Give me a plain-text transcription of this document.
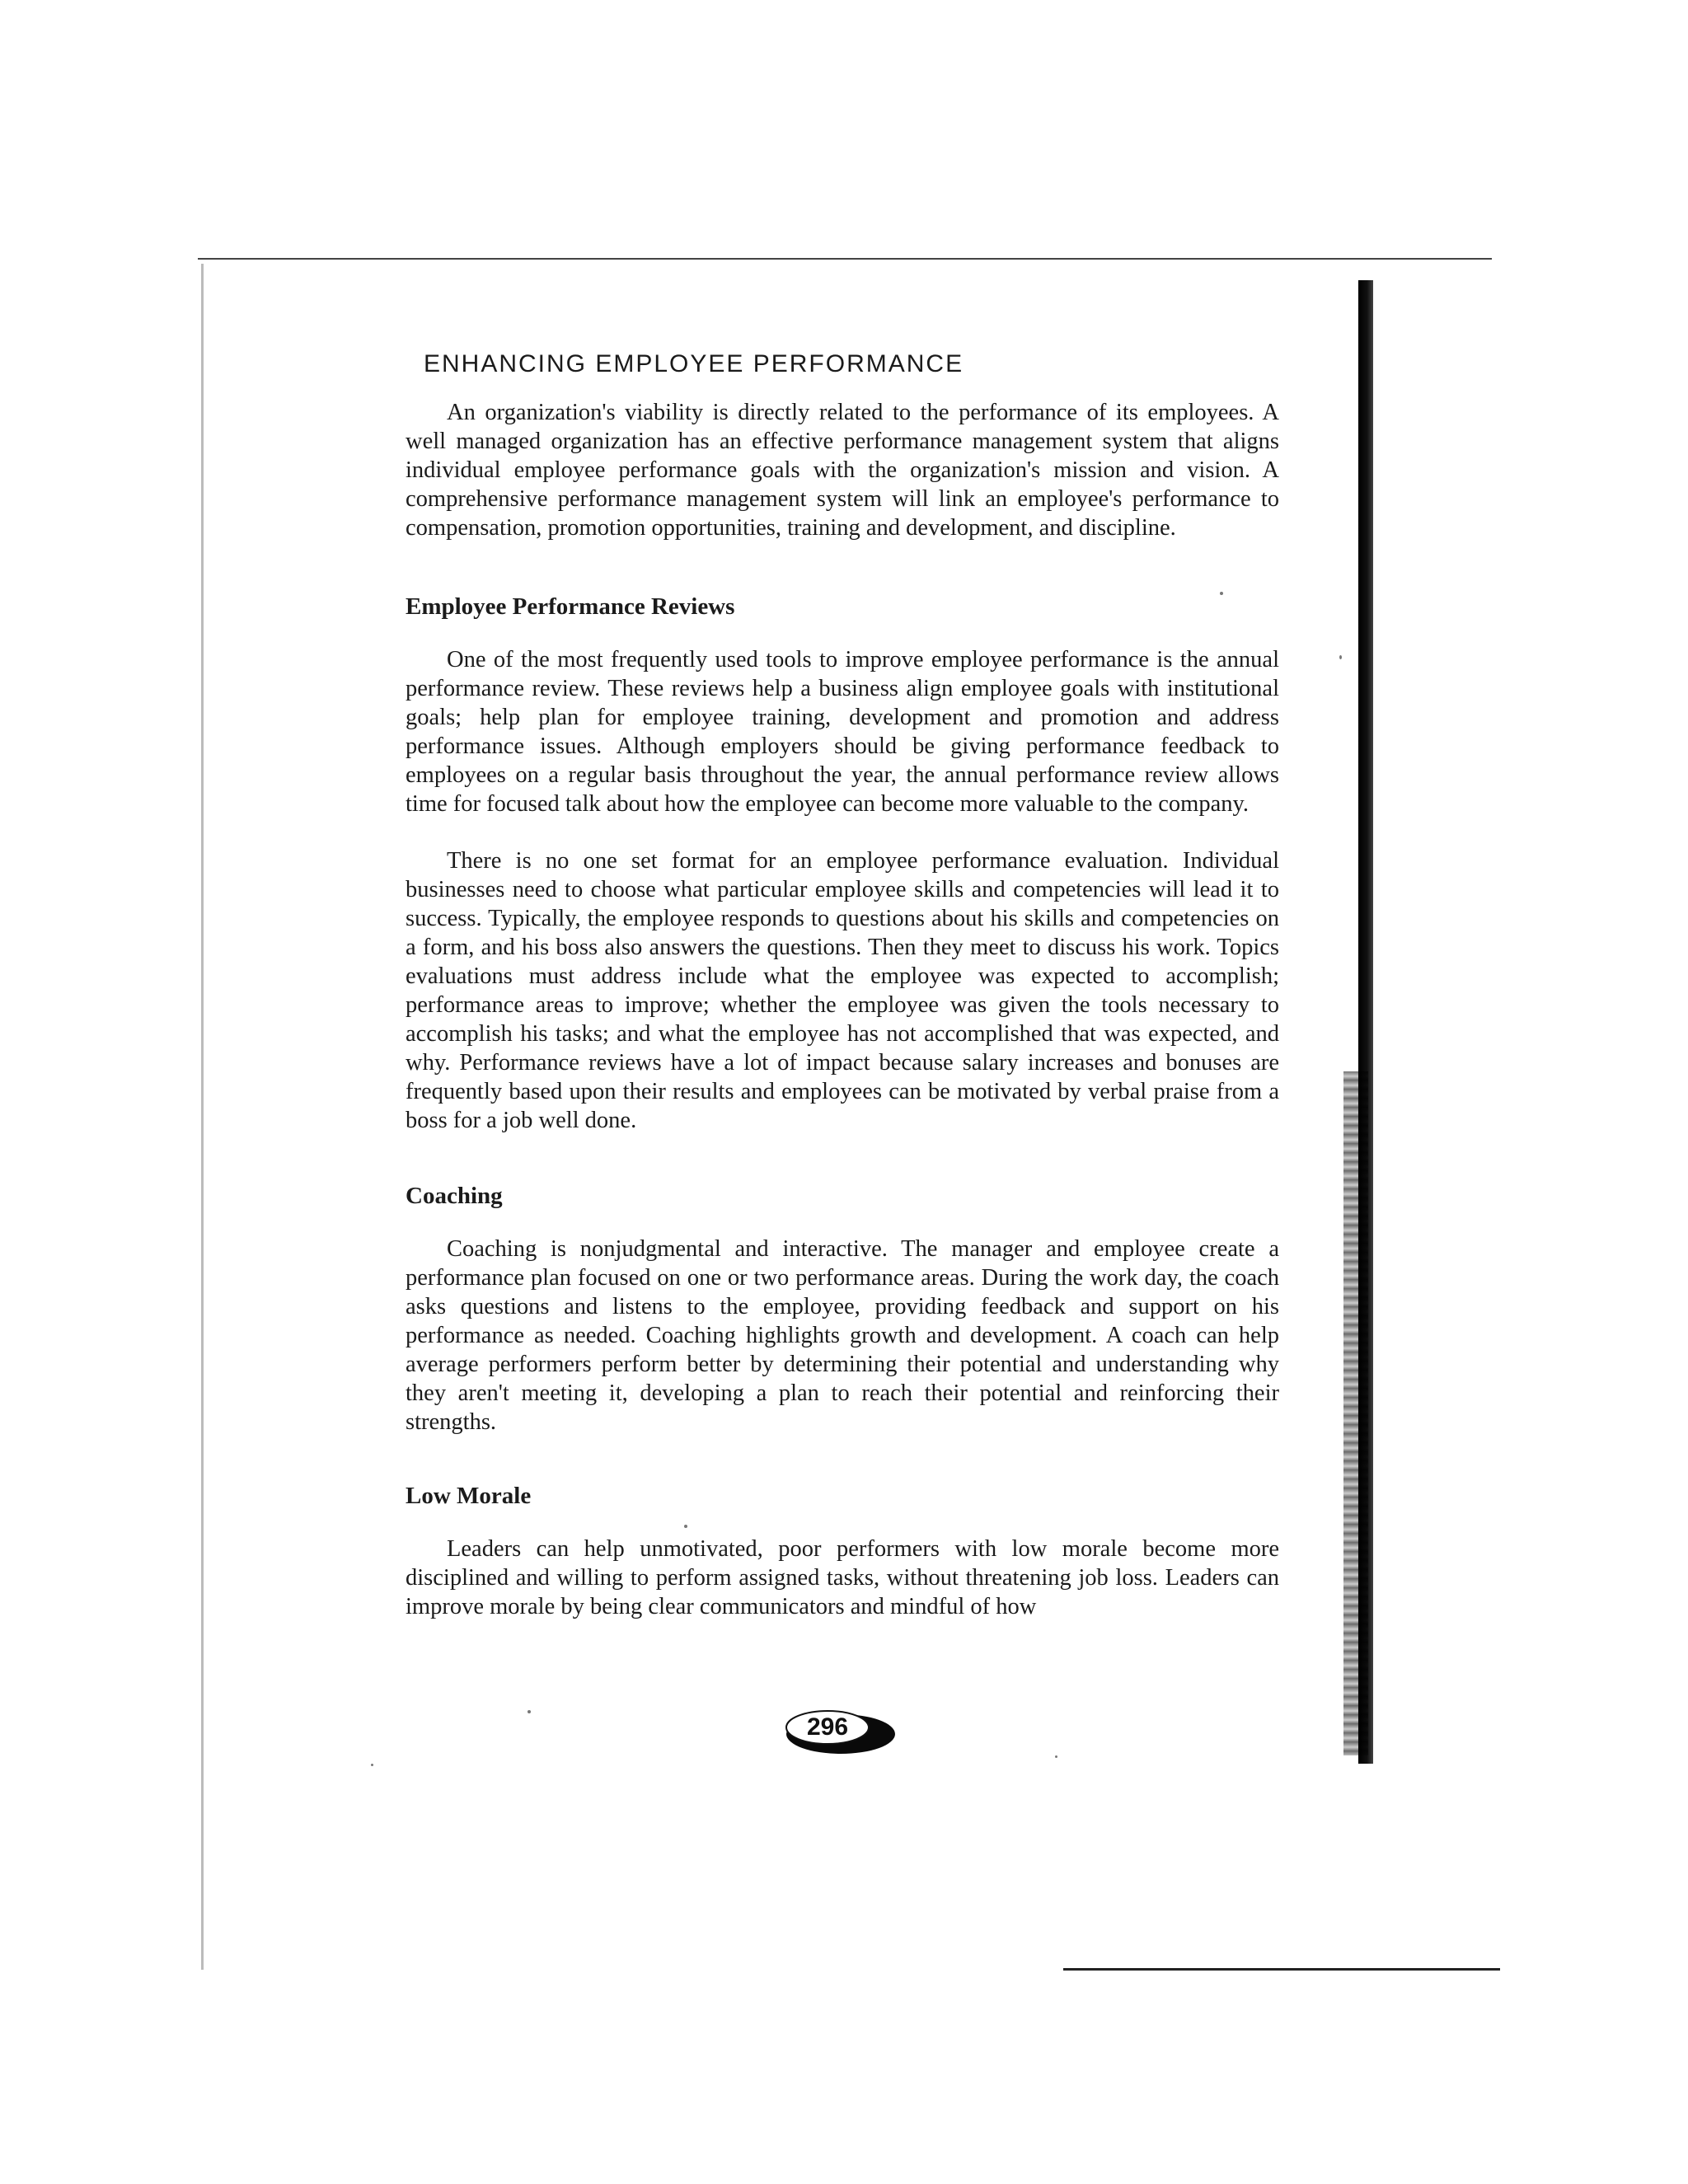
ENHANCING EMPLOYEE PERFORMANCE

An organization's viability is directly related to the performance of its employees. A well managed organization has an effective performance management system that aligns individual employee performance goals with the organization's mission and vision. A comprehensive performance management system will link an employee's performance to compensation, promotion opportunities, training and development, and discipline.

Employee Performance Reviews

One of the most frequently used tools to improve employee performance is the annual performance review. These reviews help a business align employee goals with institutional goals; help plan for employee training, development and promotion and address performance issues. Although employers should be giving performance feedback to employees on a regular basis throughout the year, the annual performance review allows time for focused talk about how the employee can become more valuable to the company.

There is no one set format for an employee performance evaluation. Individual businesses need to choose what particular employee skills and competencies will lead it to success. Typically, the employee responds to questions about his skills and competencies on a form, and his boss also answers the questions. Then they meet to discuss his work. Topics evaluations must address include what the employee was expected to accomplish; performance areas to improve; whether the employee was given the tools necessary to accomplish his tasks; and what the employee has not accomplished that was expected, and why. Performance reviews have a lot of impact because salary increases and bonuses are frequently based upon their results and employees can be motivated by verbal praise from a boss for a job well done.

Coaching

Coaching is nonjudgmental and interactive. The manager and employee create a performance plan focused on one or two performance areas. During the work day, the coach asks questions and listens to the employee, providing feedback and support on his performance as needed. Coaching highlights growth and development. A coach can help average performers perform better by determining their potential and understanding why they aren't meeting it, developing a plan to reach their potential and reinforcing their strengths.

Low Morale

Leaders can help unmotivated, poor performers with low morale become more disciplined and willing to perform assigned tasks, without threatening job loss. Leaders can improve morale by being clear communicators and mindful of how

296
